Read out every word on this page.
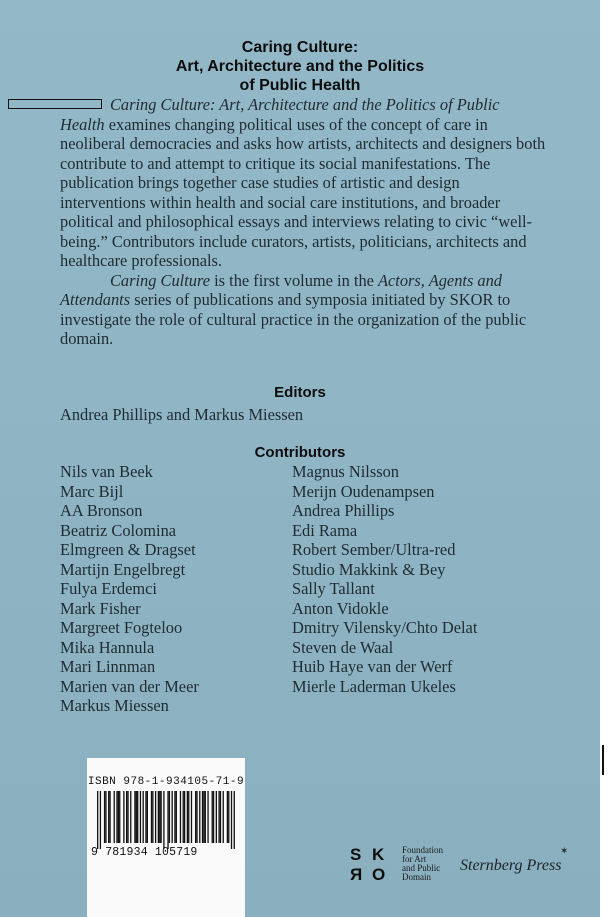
Caring Culture:
Art, Architecture and the Politics
of Public Health

Caring Culture: Art, Architecture and the Politics of Public Health examines changing political uses of the concept of care in neoliberal democracies and asks how artists, architects and designers both contribute to and attempt to critique its social manifestations. The publication brings together case studies of artistic and design interventions within health and social care institutions, and broader political and philosophical essays and interviews relating to civic “well-being.” Contributors include curators, artists, politicians, architects and healthcare professionals.

Caring Culture is the first volume in the Actors, Agents and Attendants series of publications and symposia initiated by SKOR to investigate the role of cultural practice in the organization of the public domain.

Editors
Andrea Phillips and Markus Miessen
Contributors
Nils van Beek
Marc Bijl
AA Bronson
Beatriz Colomina
Elmgreen & Dragset
Martijn Engelbregt
Fulya Erdemci
Mark Fisher
Margreet Fogteloo
Mika Hannula
Mari Linnman
Marien van der Meer
Markus Miessen
Magnus Nilsson
Merijn Oudenampsen
Andrea Phillips
Edi Rama
Robert Sember/Ultra-red
Studio Makkink & Bey
Sally Tallant
Anton Vidokle
Dmitry Vilensky/Chto Delat
Steven de Waal
Huib Haye van der Werf
Mierle Laderman Ukeles
ISBN 978-1-934105-71-9
9 781934 105719	S K
R O
Foundation
for Art
and Public
Domain
Sternberg Press
✶
